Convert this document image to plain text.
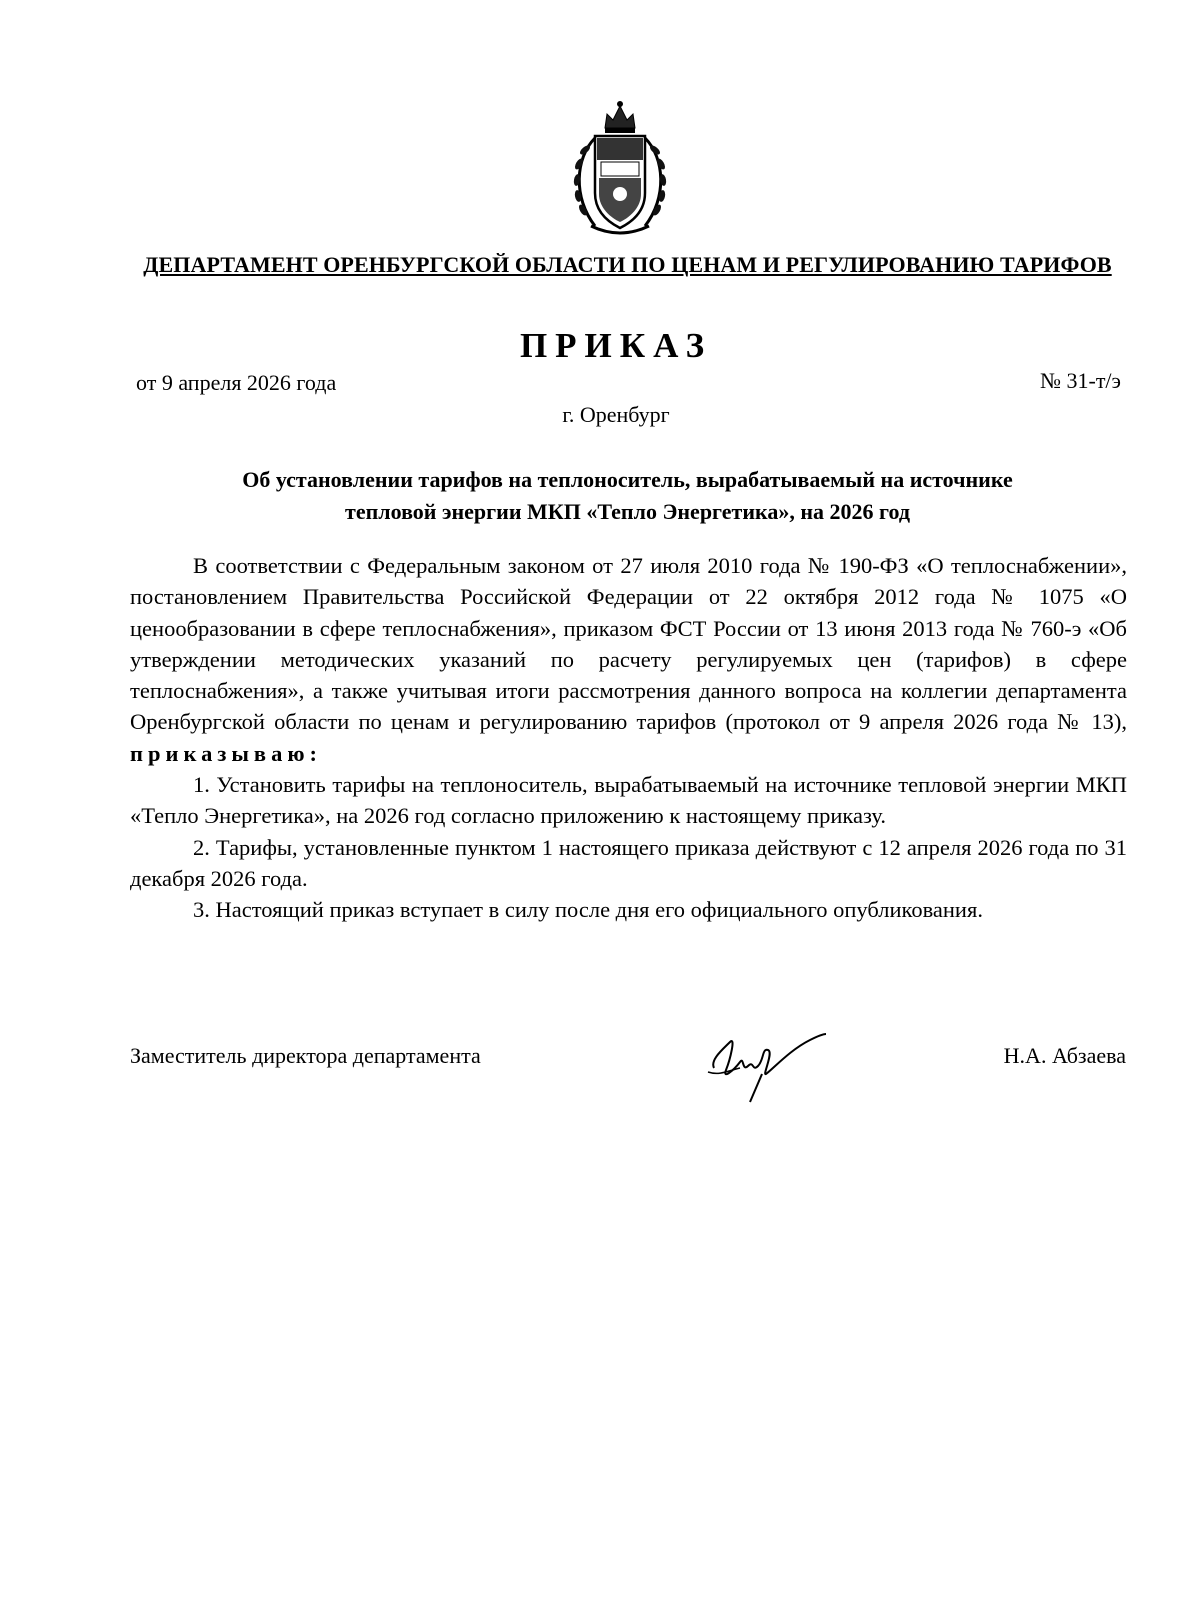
ДЕПАРТАМЕНТ ОРЕНБУРГСКОЙ ОБЛАСТИ ПО ЦЕНАМ И РЕГУЛИРОВАНИЮ ТАРИФОВ
ПРИКАЗ
от 9 апреля 2026 года	№ 31-т/э
г. Оренбург
Об установлении тарифов на теплоноситель, вырабатываемый на источнике
тепловой энергии МКП «Тепло Энергетика», на 2026 год

В соответствии с Федеральным законом от 27 июля 2010 года № 190-ФЗ «О теплоснабжении», постановлением Правительства Российской Федерации от 22 октября 2012 года № 1075 «О ценообразовании в сфере теплоснабжения», приказом ФСТ России от 13 июня 2013 года № 760-э «Об утверждении методических указаний по расчету регулируемых цен (тарифов) в сфере теплоснабжения», а также учитывая итоги рассмотрения данного вопроса на коллегии департамента Оренбургской области по ценам и регулированию тарифов (протокол от 9 апреля 2026 года № 13), приказываю:

1. Установить тарифы на теплоноситель, вырабатываемый на источнике тепловой энергии МКП «Тепло Энергетика», на 2026 год согласно приложению к настоящему приказу.

2. Тарифы, установленные пунктом 1 настоящего приказа действуют с 12 апреля 2026 года по 31 декабря 2026 года.

3. Настоящий приказ вступает в силу после дня его официального опубликования.

Заместитель директора департамента	Н.А. Абзаева
